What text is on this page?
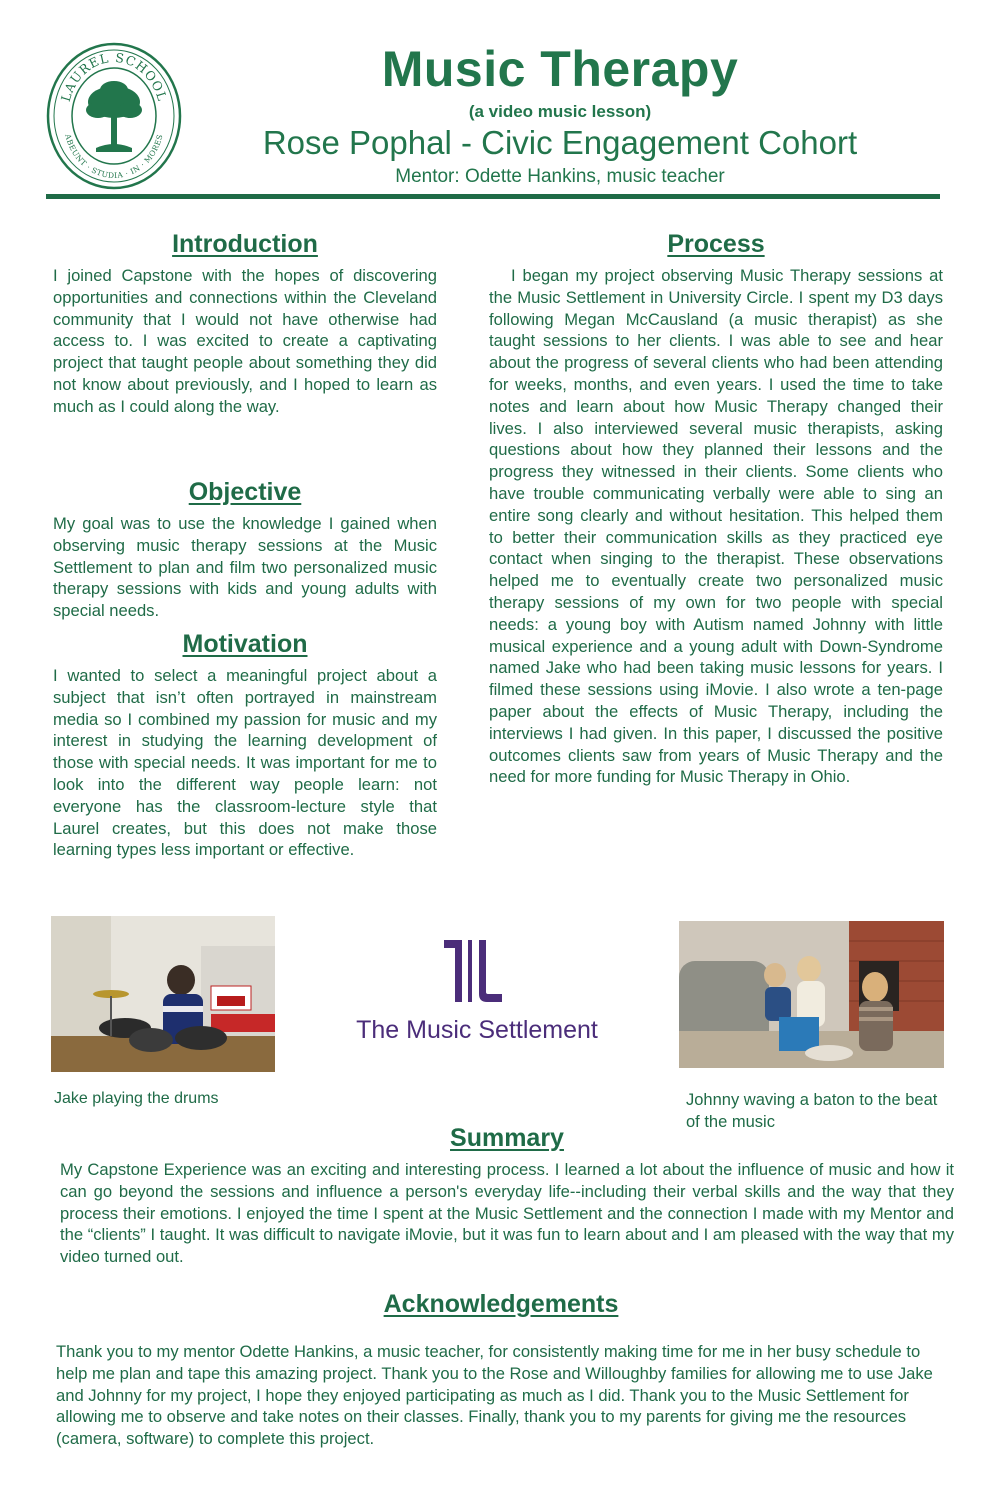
LAUREL SCHOOL
ABEUNT · STUDIA · IN · MORES
Music Therapy
(a video music lesson)
Rose Pophal - Civic Engagement Cohort
Mentor: Odette Hankins, music teacher
Introduction

I joined Capstone with the hopes of discovering opportunities and connections within the Cleveland community that I would not have otherwise had access to. I was excited to create a captivating project that taught people about something they did not know about previously, and I hoped to learn as much as I could along the way.

Objective

My goal was to use the knowledge I gained when observing music therapy sessions at the Music Settlement to plan and film two personalized music therapy sessions with kids and young adults with special needs.

Motivation

I wanted to select a meaningful project about a subject that isn’t often portrayed in mainstream media so I combined my passion for music and my interest in studying the learning development of those with special needs. It was important for me to look into the different way people learn: not everyone has the classroom-lecture style that Laurel creates, but this does not make those learning types less important or effective.

Process

I began my project observing Music Therapy sessions at the Music Settlement in University Circle. I spent my D3 days following Megan McCausland (a music therapist) as she taught sessions to her clients. I was able to see and hear about the progress of several clients who had been attending for weeks, months, and even years. I used the time to take notes and learn about how Music Therapy changed their lives. I also interviewed several music therapists, asking questions about how they planned their lessons and the progress they witnessed in their clients. Some clients who have trouble communicating verbally were able to sing an entire song clearly and without hesitation. This helped them to better their communication skills as they practiced eye contact when singing to the therapist. These observations helped me to eventually create two personalized music therapy sessions of my own for two people with special needs: a young boy with Autism named Johnny with little musical experience and a young adult with Down-Syndrome named Jake who had been taking music lessons for years. I filmed these sessions using iMovie. I also wrote a ten-page paper about the effects of Music Therapy, including the interviews I had given. In this paper, I discussed the positive outcomes clients saw from years of Music Therapy and the need for more funding for Music Therapy in Ohio.

Jake playing the drums
The Music Settlement
Johnny waving a baton to the beat of the music
Summary

My Capstone Experience was an exciting and interesting process. I learned a lot about the influence of music and how it can go beyond the sessions and influence a person's everyday life--including their verbal skills and the way that they process their emotions. I enjoyed the time I spent at the Music Settlement and the connection I made with my Mentor and the “clients” I taught. It was difficult to navigate iMovie, but it was fun to learn about and I am pleased with the way that my video turned out.

Acknowledgements

Thank you to my mentor Odette Hankins, a music teacher, for consistently making time for me in her busy schedule to help me plan and tape this amazing project. Thank you to the Rose and Willoughby families for allowing me to use Jake and Johnny for my project, I hope they enjoyed participating as much as I did. Thank you to the Music Settlement for allowing me to observe and take notes on their classes. Finally, thank you to my parents for giving me the resources (camera, software) to complete this project.
